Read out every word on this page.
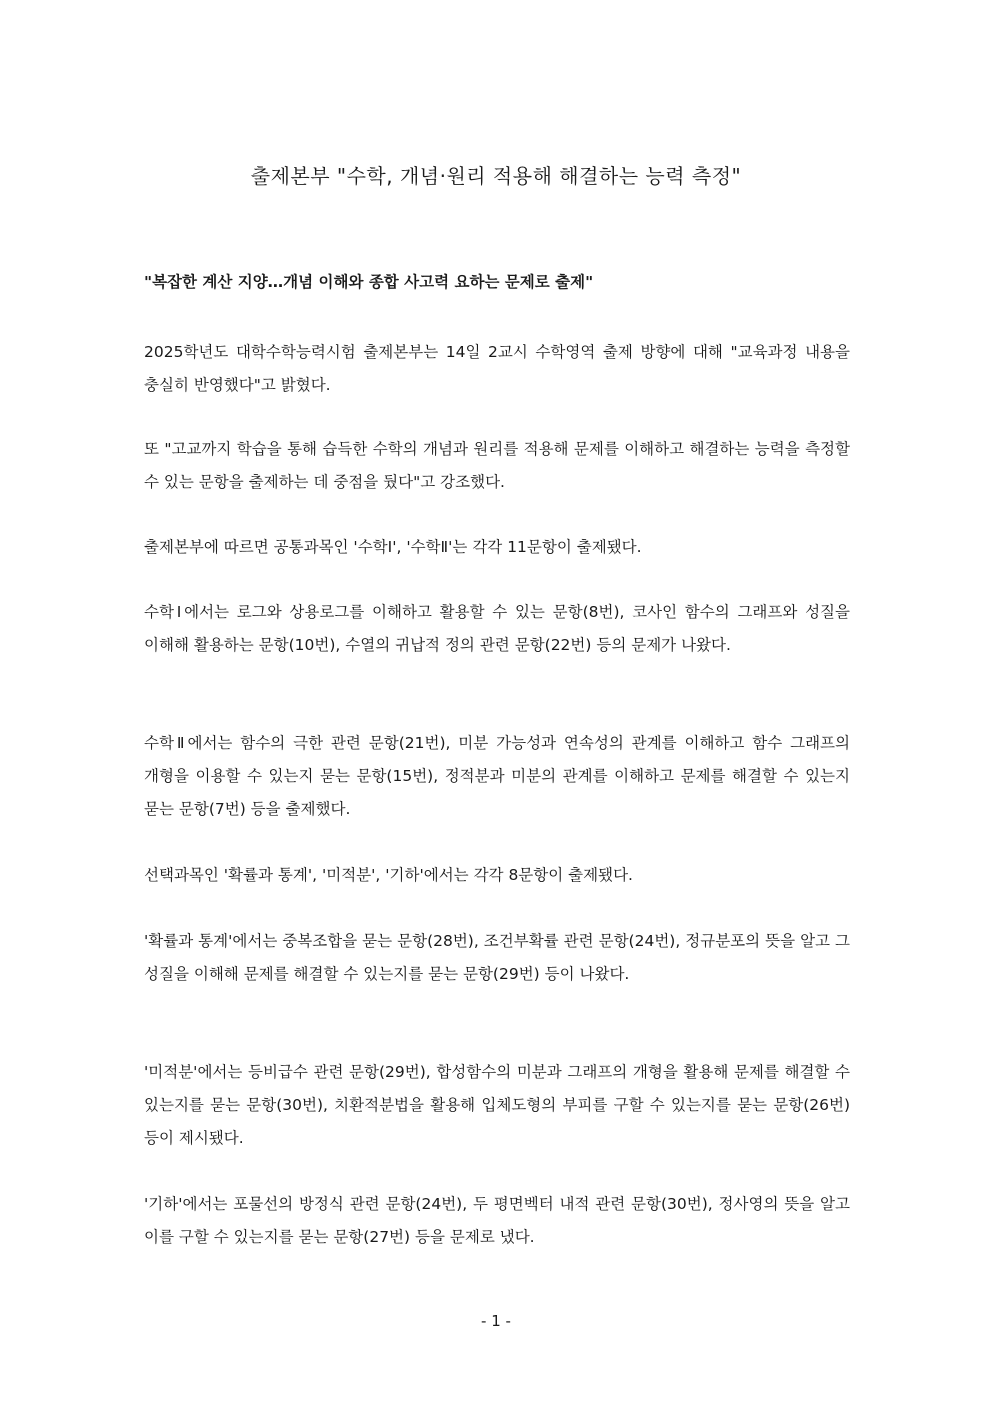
출제본부 "수학, 개념·원리 적용해 해결하는 능력 측정"
"복잡한 계산 지양…개념 이해와 종합 사고력 요하는 문제로 출제"

2025학년도 대학수학능력시험 출제본부는 14일 2교시 수학영역 출제 방향에 대해 "교육과정 내용을 충실히 반영했다"고 밝혔다.

또 "고교까지 학습을 통해 습득한 수학의 개념과 원리를 적용해 문제를 이해하고 해결하는 능력을 측정할 수 있는 문항을 출제하는 데 중점을 뒀다"고 강조했다.

출제본부에 따르면 공통과목인 '수학Ⅰ', '수학Ⅱ'는 각각 11문항이 출제됐다.

수학Ⅰ에서는 로그와 상용로그를 이해하고 활용할 수 있는 문항(8번), 코사인 함수의 그래프와 성질을 이해해 활용하는 문항(10번), 수열의 귀납적 정의 관련 문항(22번) 등의 문제가 나왔다.

수학Ⅱ에서는 함수의 극한 관련 문항(21번), 미분 가능성과 연속성의 관계를 이해하고 함수 그래프의 개형을 이용할 수 있는지 묻는 문항(15번), 정적분과 미분의 관계를 이해하고 문제를 해결할 수 있는지 묻는 문항(7번) 등을 출제했다.

선택과목인 '확률과 통계', '미적분', '기하'에서는 각각 8문항이 출제됐다.

'확률과 통계'에서는 중복조합을 묻는 문항(28번), 조건부확률 관련 문항(24번), 정규분포의 뜻을 알고 그 성질을 이해해 문제를 해결할 수 있는지를 묻는 문항(29번) 등이 나왔다.

'미적분'에서는 등비급수 관련 문항(29번), 합성함수의 미분과 그래프의 개형을 활용해 문제를 해결할 수 있는지를 묻는 문항(30번), 치환적분법을 활용해 입체도형의 부피를 구할 수 있는지를 묻는 문항(26번) 등이 제시됐다.

'기하'에서는 포물선의 방정식 관련 문항(24번), 두 평면벡터 내적 관련 문항(30번), 정사영의 뜻을 알고 이를 구할 수 있는지를 묻는 문항(27번) 등을 문제로 냈다.

- 1 -
